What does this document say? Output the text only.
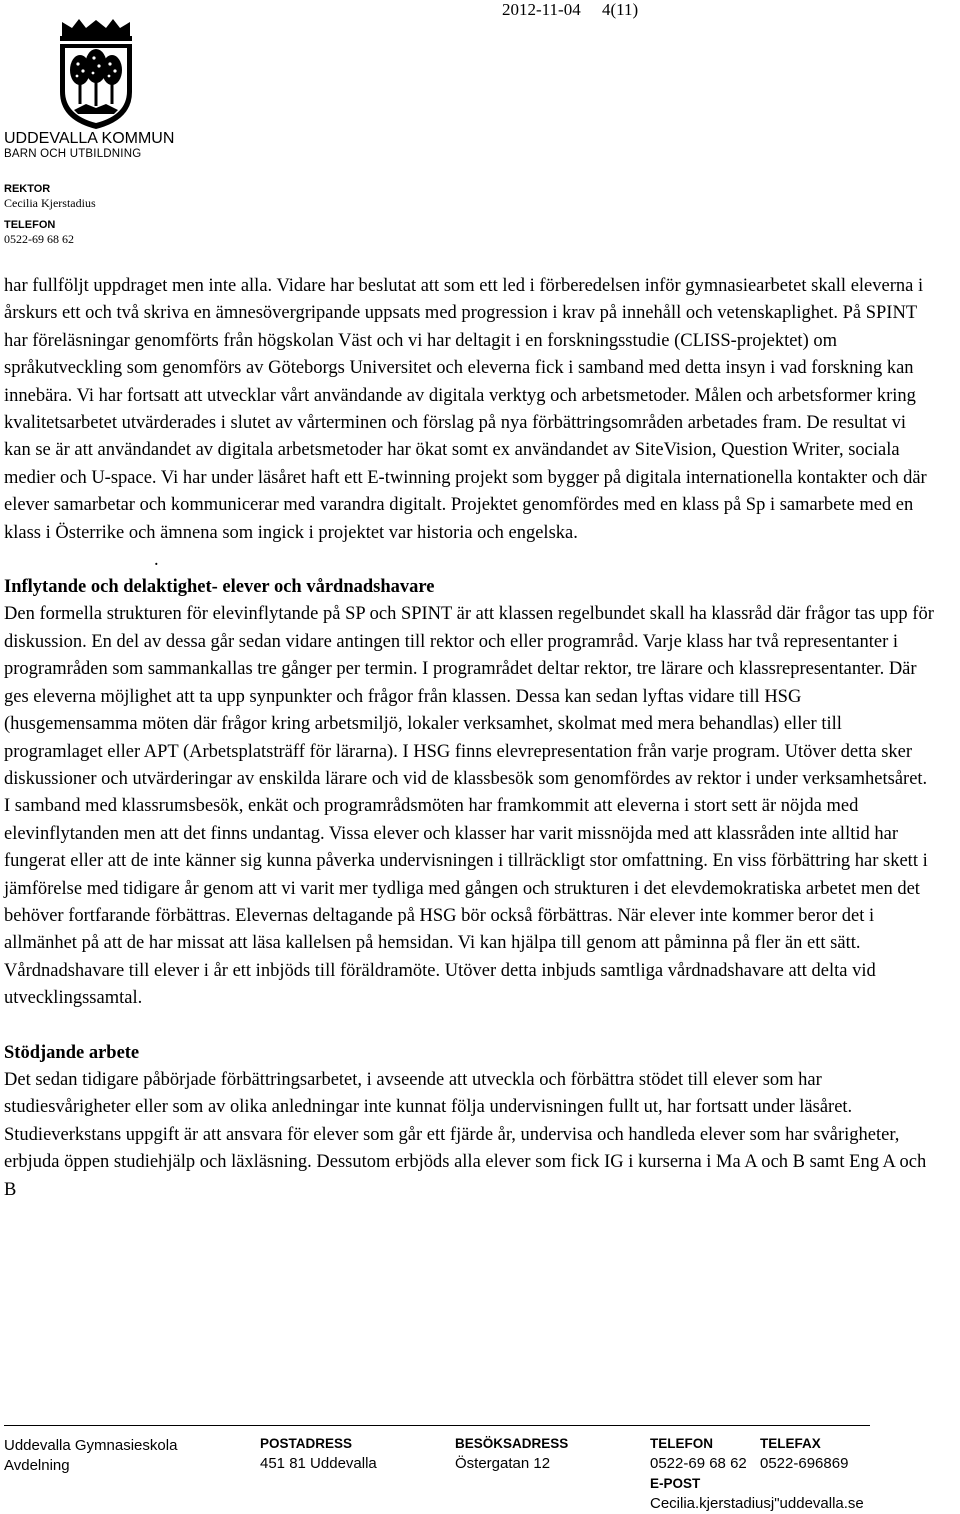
2012-11-04 4(11)
UDDEVALLA KOMMUN
BARN OCH UTBILDNING
REKTOR
Cecilia Kjerstadius
TELEFON
0522-69 68 62

har fullföljt uppdraget men inte alla. Vidare har beslutat att som ett led i förberedelsen inför gymnasiearbetet skall eleverna i årskurs ett och två skriva en ämnesövergripande uppsats med progression i krav på innehåll och vetenskaplighet. På SPINT har föreläsningar genomförts från högskolan Väst och vi har deltagit i en forskningsstudie (CLISS-projektet) om språkutveckling som genomförs av Göteborgs Universitet och eleverna fick i samband med detta insyn i vad forskning kan innebära. Vi har fortsatt att utvecklar vårt användande av digitala verktyg och arbetsmetoder. Målen och arbetsformer kring kvalitetsarbetet utvärderades i slutet av vårterminen och förslag på nya förbättringsområden arbetades fram. De resultat vi kan se är att användandet av digitala arbetsmetoder har ökat somt ex användandet av SiteVision, Question Writer, sociala medier och U-space. Vi har under läsåret haft ett E-twinning projekt som bygger på digitala internationella kontakter och där elever samarbetar och kommunicerar med varandra digitalt. Projektet genomfördes med en klass på Sp i samarbete med en klass i Österrike och ämnena som ingick i projektet var historia och engelska.

.

Inflytande och delaktighet- elever och vårdnadshavare

Den formella strukturen för elevinflytande på SP och SPINT är att klassen regelbundet skall ha klassråd där frågor tas upp för diskussion. En del av dessa går sedan vidare antingen till rektor och eller programråd. Varje klass har två representanter i programråden som sammankallas tre gånger per termin. I programrådet deltar rektor, tre lärare och klassrepresentanter. Där ges eleverna möjlighet att ta upp synpunkter och frågor från klassen. Dessa kan sedan lyftas vidare till HSG (husgemensamma möten där frågor kring arbetsmiljö, lokaler verksamhet, skolmat med mera behandlas) eller till programlaget eller APT (Arbetsplatsträff för lärarna). I HSG finns elevrepresentation från varje program. Utöver detta sker diskussioner och utvärderingar av enskilda lärare och vid de klassbesök som genomfördes av rektor i under verksamhetsåret. I samband med klassrumsbesök, enkät och programrådsmöten har framkommit att eleverna i stort sett är nöjda med elevinflytanden men att det finns undantag. Vissa elever och klasser har varit missnöjda med att klassråden inte alltid har fungerat eller att de inte känner sig kunna påverka undervisningen i tillräckligt stor omfattning. En viss förbättring har skett i jämförelse med tidigare år genom att vi varit mer tydliga med gången och strukturen i det elevdemokratiska arbetet men det behöver fortfarande förbättras. Elevernas deltagande på HSG bör också förbättras. När elever inte kommer beror det i allmänhet på att de har missat att läsa kallelsen på hemsidan. Vi kan hjälpa till genom att påminna på fler än ett sätt. Vårdnadshavare till elever i år ett inbjöds till föräldramöte. Utöver detta inbjuds samtliga vårdnadshavare att delta vid utvecklingssamtal.

Stödjande arbete

Det sedan tidigare påbörjade förbättringsarbetet, i avseende att utveckla och förbättra stödet till elever som har studiesvårigheter eller som av olika anledningar inte kunnat följa undervisningen fullt ut, har fortsatt under läsåret. Studieverkstans uppgift är att ansvara för elever som går ett fjärde år, undervisa och handleda elever som har svårigheter, erbjuda öppen studiehjälp och läxläsning. Dessutom erbjöds alla elever som fick IG i kurserna i Ma A och B samt Eng A och B

Uddevalla Gymnasieskola
Avdelning
POSTADRESS
451 81 Uddevalla
BESÖKSADRESS
Östergatan 12
TELEFON
0522-69 68 62
E-POST
Cecilia.kjerstadiusj"uddevalla.se
TELEFAX
0522-696869
